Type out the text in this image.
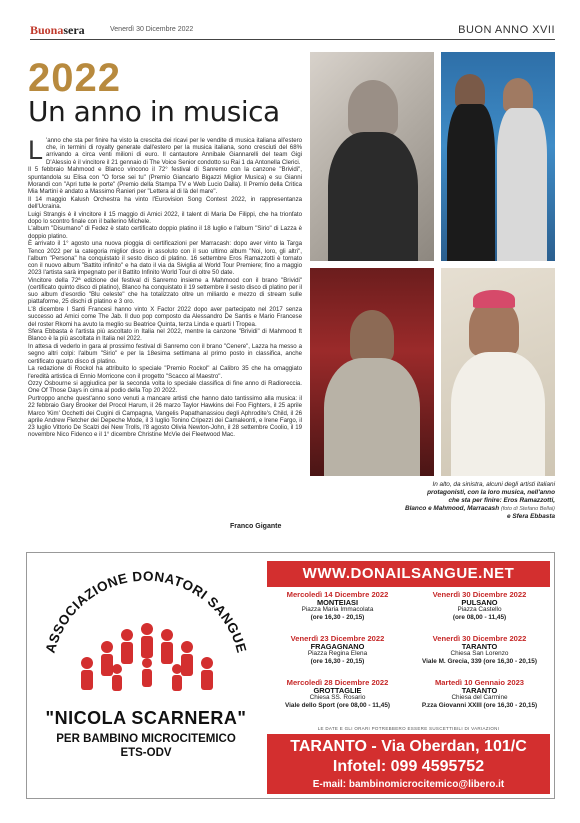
Buonasera	Venerdì 30 Dicembre 2022	BUON ANNO XVII
2022
Un anno in musica
L 'anno che sta per finire ha visto la crescita dei ricavi per le vendite di musica italiana all'estero che, in termini di royalty generate dall'estero per la musica italiana, sono cresciuti del 68% arrivando a circa venti milioni di euro. Il cantautore Annibale Giannarelli del team Gigi D'Alessio è il vincitore il 21 gennaio di The Voice Senior condotto su Rai 1 da Antonella Clerici.

Il 5 febbraio Mahmood e Blanco vincono il 72° festival di Sanremo con la canzone "Brividi", spuntandola su Elisa con "O forse sei tu" (Premio Giancarlo Bigazzi Miglior Musica) e su Gianni Morandi con "Apri tutte le porte" (Premio della Stampa TV e Web Lucio Dalla). Il Premio della Critica Mia Martini è andato a Massimo Ranieri per "Lettera al di là del mare".

Il 14 maggio Kalush Orchestra ha vinto l'Eurovision Song Contest 2022, in rappresentanza dell'Ucraina.

Luigi Strangis è il vincitore il 15 maggio di Amici 2022, il talent di Maria De Filippi, che ha trionfato dopo lo scontro finale con il ballerino Michele.

L'album "Disumano" di Fedez è stato certificato doppio platino il 18 luglio e l'album "Sirio" di Lazza è doppio platino.

È arrivato il 1° agosto una nuova pioggia di certificazioni per Marracash: dopo aver vinto la Targa Tenco 2022 per la categoria miglior disco in assoluto con il suo ultimo album "Noi, loro, gli altri", l'album "Persona" ha conquistato il sesto disco di platino. 16 settembre Eros Ramazzotti è tornato con il nuovo album "Battito infinito" e ha dato il via da Siviglia al World Tour Premiere; fino a maggio 2023 l'artista sarà impegnato per il Battito Infinito World Tour di oltre 50 date.

Vincitore della 72ª edizione del festival di Sanremo insieme a Mahmood con il brano "Brividi" (certificato quinto disco di platino), Blanco ha conquistato il 19 settembre il sesto disco di platino per il suo album d'esordio "Blu celeste" che ha totalizzato oltre un miliardo e mezzo di stream sulle piattaforme, 25 dischi di platino e 3 oro.

L'8 dicembre I Santi Francesi hanno vinto X Factor 2022 dopo aver partecipato nel 2017 senza successo ad Amici come The Jab. Il duo pop composto da Alessandro De Santis e Mario Francese del roster Rkomi ha avuto la meglio su Beatrice Quinta, terza Linda e quarti I Tropea.

Sfera Ebbasta è l'artista più ascoltato in Italia nel 2022, mentre la canzone "Brividi" di Mahmood ft Blanco è la più ascoltata in Italia nel 2022.

In attesa di vederlo in gara al prossimo festival di Sanremo con il brano "Cenere", Lazza ha messo a segno altri colpi: l'album "Sirio" e per la 18esima settimana al primo posto in classifica, anche certificato quarto disco di platino.

La redazione di Rockol ha attribuito lo speciale "Premio Rockol" al Calibro 35 che ha omaggiato l'eredità artistica di Ennio Morricone con il progetto "Scacco al Maestro".

Ozzy Osbourne si aggiudica per la seconda volta lo speciale classifica di fine anno di Radioreccia. One Of Those Days in cima al podio della Top 20 2022.

Purtroppo anche quest'anno sono venuti a mancare artisti che hanno dato tantissimo alla musica: il 22 febbraio Gary Brooker del Procol Harum, il 26 marzo Taylor Hawkins dei Foo Fighters, il 25 aprile Marco 'Kim' Occhetti dei Cugini di Campagna, Vangelis Papathanassiou degli Aphrodite's Child, il 26 aprile Andrew Fletcher dei Depeche Mode, il 3 luglio Tonino Cripezzi dei Camaleonti, e Irene Fargo, il 23 luglio Vittorio De Scalzi dei New Trolls, l'8 agosto Olivia Newton-John, il 28 settembre Coolio, il 19 novembre Nico Fidenco e il 1° dicembre Christine McVie dei Fleetwood Mac.

Franco Gigante
In alto, da sinistra, alcuni degli artisti italiani
protagonisti, con la loro musica, nell'anno
che sta per finire: Eros Ramazzotti,
Blanco e Mahmood, Marracash (foto di Stefano Bellai)
e Sfera Ebbasta
ASSOCIAZIONE DONATORI SANGUE
"NICOLA SCARNERA"
PER BAMBINO MICROCITEMICO
ETS-ODV
WWW.DONAILSANGUE.NET
Mercoledì 14 Dicembre 2022
MONTEIASI
Piazza Maria Immacolata
(ore 16,30 - 20,15)
Venerdì 30 Dicembre 2022
PULSANO
Piazza Castello
(ore 08,00 - 11,45)
Venerdì 23 Dicembre 2022
FRAGAGNANO
Piazza Regina Elena
(ore 16,30 - 20,15)
Venerdì 30 Dicembre 2022
TARANTO
Chiesa San Lorenzo
Viale M. Grecia, 339 (ore 16,30 - 20,15)
Mercoledì 28 Dicembre 2022
GROTTAGLIE
Chiesa SS. Rosario
Viale dello Sport (ore 08,00 - 11,45)
Martedì 10 Gennaio 2023
TARANTO
Chiesa del Carmine
P.zza Giovanni XXIII (ore 16,30 - 20,15)
LE DATE E GLI ORARI POTREBBERO ESSERE SUSCETTIBILI DI VARIAZIONI
TARANTO - Via Oberdan, 101/C
Infotel: 099 4595752
E-mail: bambinomicrocitemico@libero.it
